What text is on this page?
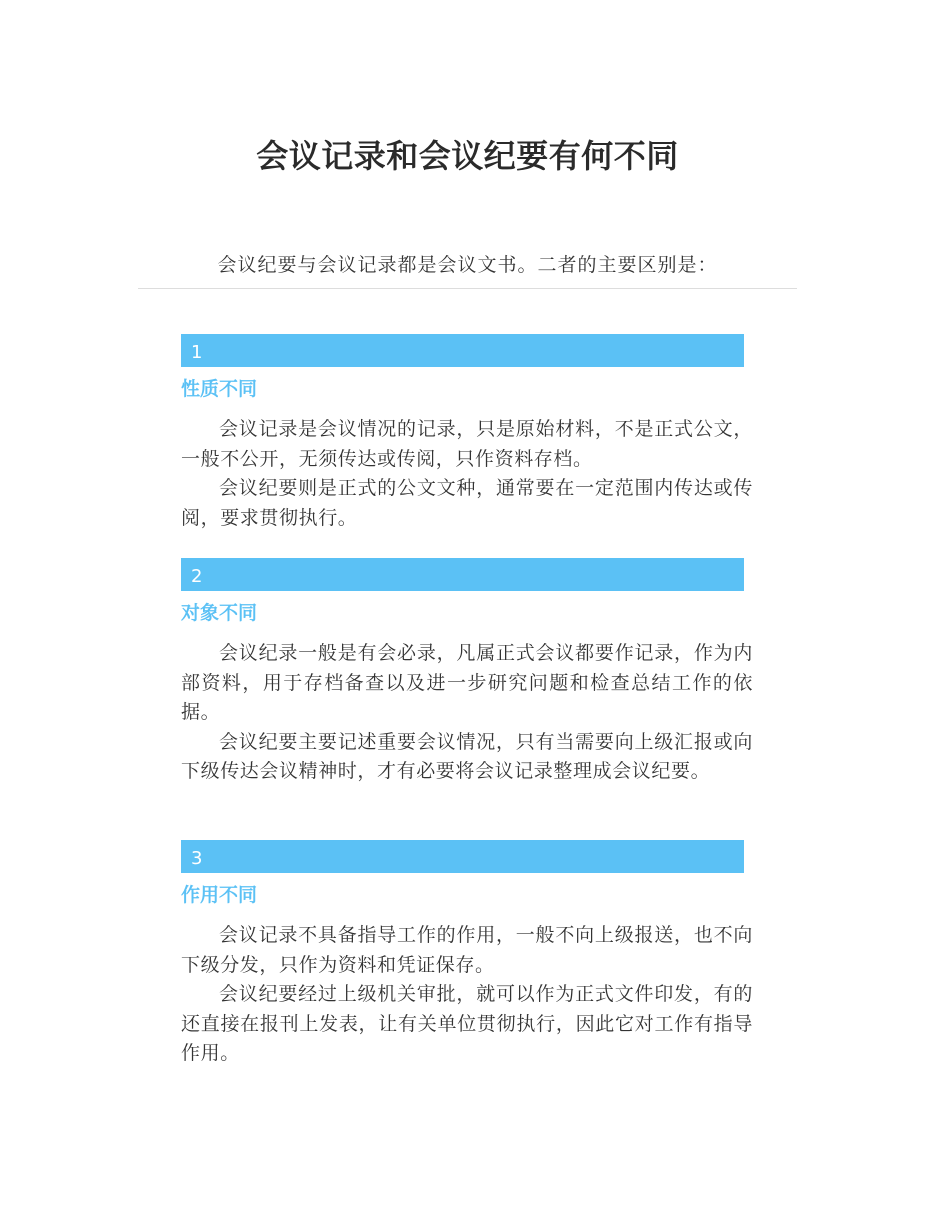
会议记录和会议纪要有何不同
会议纪要与会议记录都是会议文书。二者的主要区别是：
1
性质不同

会议记录是会议情况的记录，只是原始材料，不是正式公文，一般不公开，无须传达或传阅，只作资料存档。

会议纪要则是正式的公文文种，通常要在一定范围内传达或传阅，要求贯彻执行。

2
对象不同

会议纪录一般是有会必录，凡属正式会议都要作记录，作为内部资料，用于存档备查以及进一步研究问题和检查总结工作的依据。

会议纪要主要记述重要会议情况，只有当需要向上级汇报或向下级传达会议精神时，才有必要将会议记录整理成会议纪要。

3
作用不同

会议记录不具备指导工作的作用，一般不向上级报送，也不向下级分发，只作为资料和凭证保存。

会议纪要经过上级机关审批，就可以作为正式文件印发，有的还直接在报刊上发表，让有关单位贯彻执行，因此它对工作有指导作用。
